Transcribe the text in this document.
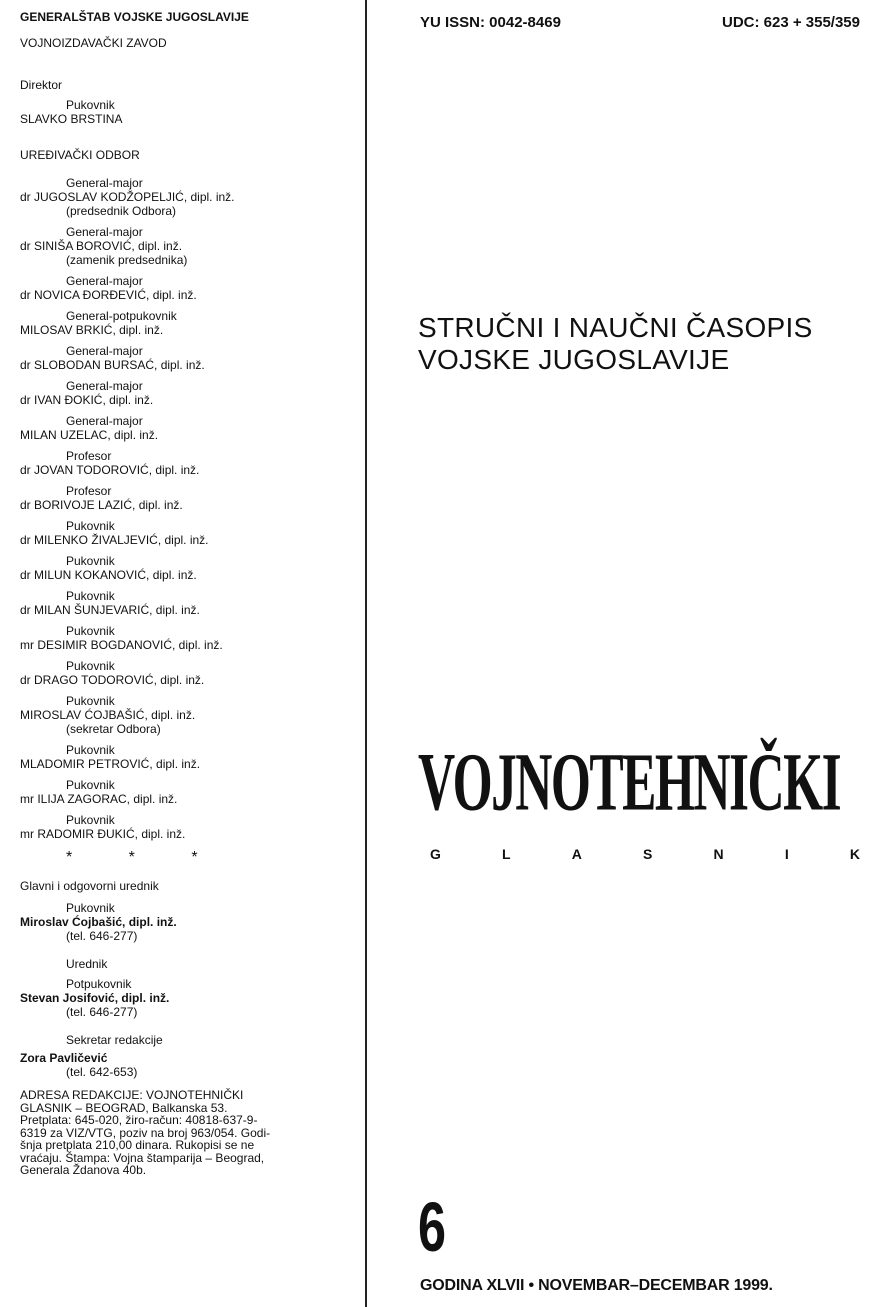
GENERALŠTAB VOJSKE JUGOSLAVIJE
VOJNOIZDAVAČKI ZAVOD
Direktor
Pukovnik
SLAVKO BRSTINA
UREĐIVAČKI ODBOR
General-major
dr JUGOSLAV KODŽOPELJIĆ, dipl. inž.
(predsednik Odbora)
General-major
dr SINIŠA BOROVIĆ, dipl. inž.
(zamenik predsednika)
General-major
dr NOVICA ĐORĐEVIĆ, dipl. inž.
General-potpukovnik
MILOSAV BRKIĆ, dipl. inž.
General-major
dr SLOBODAN BURSAĆ, dipl. inž.
General-major
dr IVAN ĐOKIĆ, dipl. inž.
General-major
MILAN UZELAC, dipl. inž.
Profesor
dr JOVAN TODOROVIĆ, dipl. inž.
Profesor
dr BORIVOJE LAZIĆ, dipl. inž.
Pukovnik
dr MILENKO ŽIVALJEVIĆ, dipl. inž.
Pukovnik
dr MILUN KOKANOVIĆ, dipl. inž.
Pukovnik
dr MILAN ŠUNJEVARIĆ, dipl. inž.
Pukovnik
mr DESIMIR BOGDANOVIĆ, dipl. inž.
Pukovnik
dr DRAGO TODOROVIĆ, dipl. inž.
Pukovnik
MIROSLAV ĆOJBAŠIĆ, dipl. inž.
(sekretar Odbora)
Pukovnik
MLADOMIR PETROVIĆ, dipl. inž.
Pukovnik
mr ILIJA ZAGORAC, dipl. inž.
Pukovnik
mr RADOMIR ĐUKIĆ, dipl. inž.
* * *
Glavni i odgovorni urednik
Pukovnik
Miroslav Ćojbašić, dipl. inž.
(tel. 646-277)
Urednik
Potpukovnik
Stevan Josifović, dipl. inž.
(tel. 646-277)
Sekretar redakcije
Zora Pavličević
(tel. 642-653)
ADRESA REDAKCIJE: VOJNOTEHNIČKI
GLASNIK – BEOGRAD, Balkanska 53.
Pretplata: 645-020, žiro-račun: 40818-637-9-
6319 za VIZ/VTG, poziv na broj 963/054. Godi-
šnja pretplata 210,00 dinara. Rukopisi se ne
vraćaju. Štampa: Vojna štamparija – Beograd,
Generala Ždanova 40b.
YU ISSN: 0042-8469	UDC: 623 + 355/359
STRUČNI I NAUČNI ČASOPIS
VOJSKE JUGOSLAVIJE
VOJNOTEHNIČKI
G	L	A	S	N	I	K
6
GODINA XLVII • NOVEMBAR–DECEMBAR 1999.
